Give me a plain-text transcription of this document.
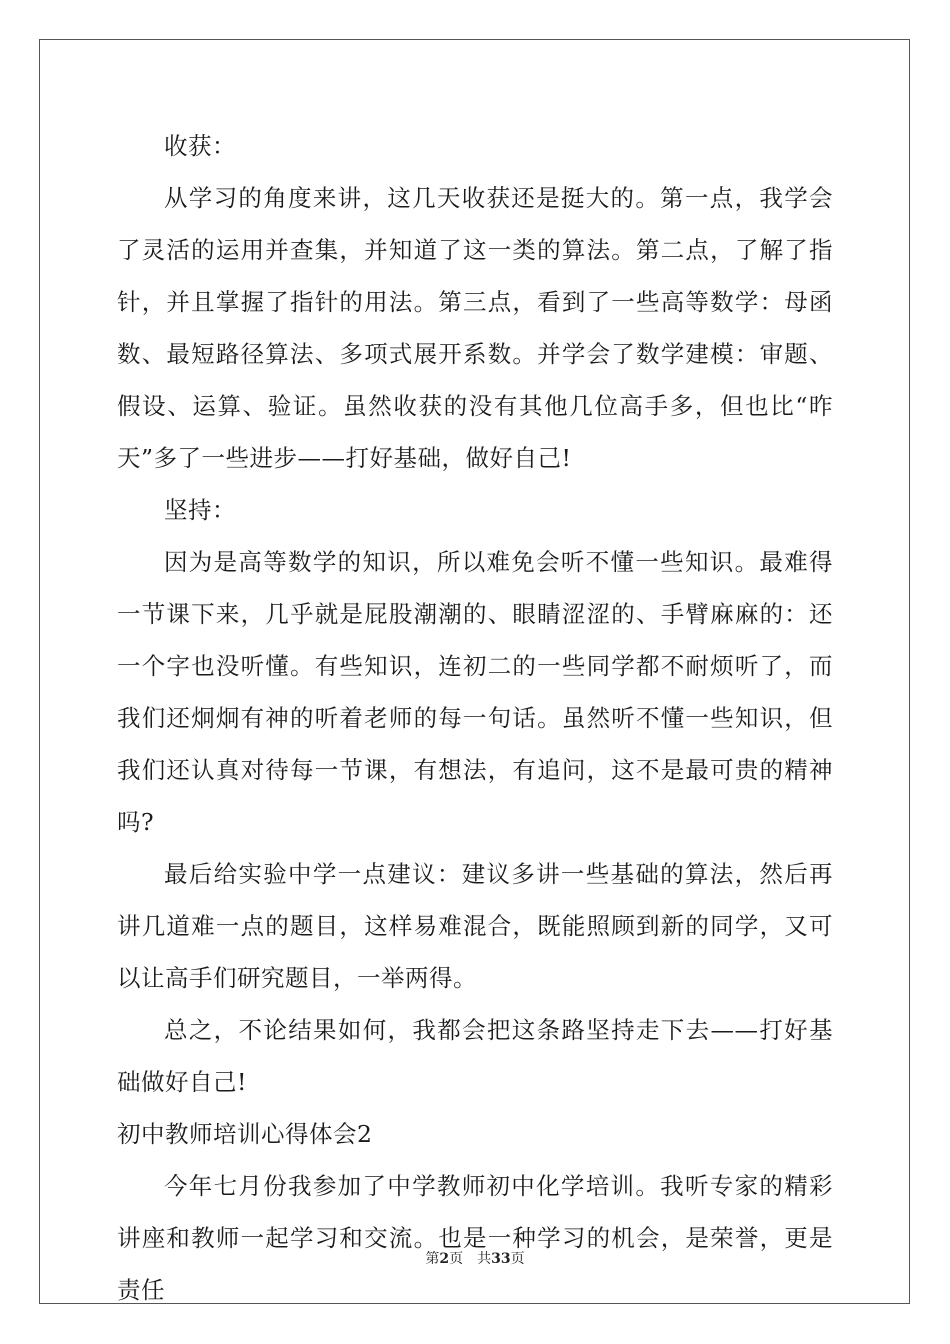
收获：

从学习的角度来讲，这几天收获还是挺大的。第一点，我学会了灵活的运用并查集，并知道了这一类的算法。第二点，了解了指针，并且掌握了指针的用法。第三点，看到了一些高等数学：母函数、最短路径算法、多项式展开系数。并学会了数学建模：审题、假设、运算、验证。虽然收获的没有其他几位高手多，但也比“昨天”多了一些进步——打好基础，做好自己!

坚持：

因为是高等数学的知识，所以难免会听不懂一些知识。最难得一节课下来，几乎就是屁股潮潮的、眼睛涩涩的、手臂麻麻的：还一个字也没听懂。有些知识，连初二的一些同学都不耐烦听了，而我们还炯炯有神的听着老师的每一句话。虽然听不懂一些知识，但我们还认真对待每一节课，有想法，有追问，这不是最可贵的精神吗?

最后给实验中学一点建议：建议多讲一些基础的算法，然后再讲几道难一点的题目，这样易难混合，既能照顾到新的同学，又可以让高手们研究题目，一举两得。

总之，不论结果如何，我都会把这条路坚持走下去——打好基础做好自己!

初中教师培训心得体会2

今年七月份我参加了中学教师初中化学培训。我听专家的精彩讲座和教师一起学习和交流。也是一种学习的机会，是荣誉，更是责任

第2页 共33页
